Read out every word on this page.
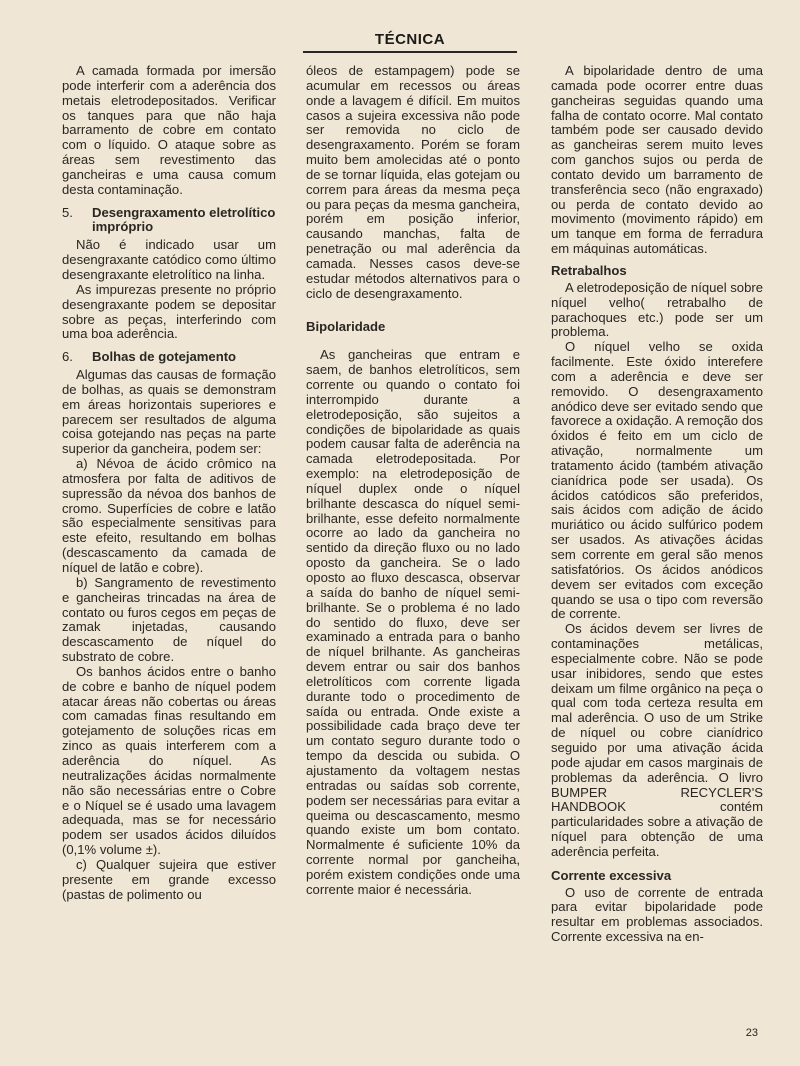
TÉCNICA

A camada formada por imersão pode interferir com a aderência dos metais eletrodepositados. Verificar os tanques para que não haja barramento de cobre em contato com o líquido. O ataque sobre as áreas sem revestimento das gancheiras e uma causa comum desta contaminação.

5.	Desengraxamento eletrolítico impróprio

Não é indicado usar um desengraxante catódico como último desengraxante eletrolítico na linha.

As impurezas presente no próprio desengraxante podem se depositar sobre as peças, interferindo com uma boa aderência.

6.	Bolhas de gotejamento

Algumas das causas de formação de bolhas, as quais se demonstram em áreas horizontais superiores e parecem ser resultados de alguma coisa gotejando nas peças na parte superior da gancheira, podem ser:

a) Névoa de ácido crômico na atmosfera por falta de aditivos de supressão da névoa dos banhos de cromo. Superfícies de cobre e latão são especialmente sensitivas para este efeito, resultando em bolhas (descascamento da camada de níquel de latão e cobre).

b) Sangramento de revestimento e gancheiras trincadas na área de contato ou furos cegos em peças de zamak injetadas, causando descascamento de níquel do substrato de cobre.

Os banhos ácidos entre o banho de cobre e banho de níquel podem atacar áreas não cobertas ou áreas com camadas finas resultando em gotejamento de soluções ricas em zinco as quais interferem com a aderência do níquel. As neutralizações ácidas normalmente não são necessárias entre o Cobre e o Níquel se é usado uma lavagem adequada, mas se for necessário podem ser usados ácidos diluídos (0,1% volume ±).

c) Qualquer sujeira que estiver presente em grande excesso (pastas de polimento ou

óleos de estampagem) pode se acumular em recessos ou áreas onde a lavagem é difícil. Em muitos casos a sujeira excessiva não pode ser removida no ciclo de desengraxamento. Porém se foram muito bem amolecidas até o ponto de se tornar líquida, elas gotejam ou correm para áreas da mesma peça ou para peças da mesma gancheira, porém em posição inferior, causando manchas, falta de penetração ou mal aderência da camada. Nesses casos deve-se estudar métodos alternativos para o ciclo de desengraxamento.

Bipolaridade

As gancheiras que entram e saem, de banhos eletrolíticos, sem corrente ou quando o contato foi interrompido durante a eletrodeposição, são sujeitos a condições de bipolaridade as quais podem causar falta de aderência na camada eletrodepositada. Por exemplo: na eletrodeposição de níquel duplex onde o níquel brilhante descasca do níquel semi-brilhante, esse defeito normalmente ocorre ao lado da gancheira no sentido da direção fluxo ou no lado oposto da gancheira. Se o lado oposto ao fluxo descasca, observar a saída do banho de níquel semi-brilhante. Se o problema é no lado do sentido do fluxo, deve ser examinado a entrada para o banho de níquel brilhante. As gancheiras devem entrar ou sair dos banhos eletrolíticos com corrente ligada durante todo o procedimento de saída ou entrada. Onde existe a possibilidade cada braço deve ter um contato seguro durante todo o tempo da descida ou subida. O ajustamento da voltagem nestas entradas ou saídas sob corrente, podem ser necessárias para evitar a queima ou descascamento, mesmo quando existe um bom contato. Normalmente é suficiente 10% da corrente normal por gancheiha, porém existem condições onde uma corrente maior é necessária.

A bipolaridade dentro de uma camada pode ocorrer entre duas gancheiras seguidas quando uma falha de contato ocorre. Mal contato também pode ser causado devido as gancheiras serem muito leves com ganchos sujos ou perda de contato devido um barramento de transferência seco (não engraxado) ou perda de contato devido ao movimento (movimento rápido) em um tanque em forma de ferradura em máquinas automáticas.

Retrabalhos

A eletrodeposição de níquel sobre níquel velho( retrabalho de parachoques etc.) pode ser um problema.

O níquel velho se oxida facilmente. Este óxido interefere com a aderência e deve ser removido. O desengraxamento anódico deve ser evitado sendo que favorece a oxidação. A remoção dos óxidos é feito em um ciclo de ativação, normalmente um tratamento ácido (também ativação cianídrica pode ser usada). Os ácidos catódicos são preferidos, sais ácidos com adição de ácido muriático ou ácido sulfúrico podem ser usados. As ativações ácidas sem corrente em geral são menos satisfatórios. Os ácidos anódicos devem ser evitados com exceção quando se usa o tipo com reversão de corrente.

Os ácidos devem ser livres de contaminações metálicas, especialmente cobre. Não se pode usar inibidores, sendo que estes deixam um filme orgânico na peça o qual com toda certeza resulta em mal aderência. O uso de um Strike de níquel ou cobre cianídrico seguido por uma ativação ácida pode ajudar em casos marginais de problemas da aderência. O livro BUMPER RECYCLER'S HANDBOOK contém particularidades sobre a ativação de níquel para obtenção de uma aderência perfeita.

Corrente excessiva

O uso de corrente de entrada para evitar bipolaridade pode resultar em problemas associados. Corrente excessiva na en-

23
